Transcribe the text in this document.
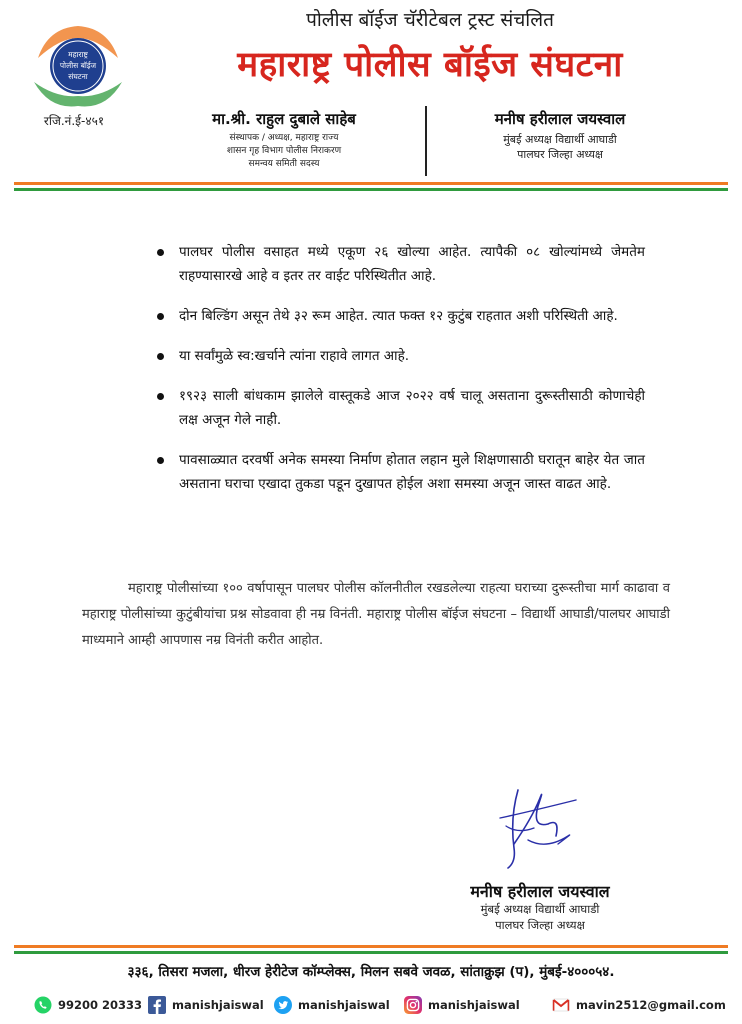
महाराष्ट्र
पोलीस बॉईज
संघटना
रजि.नं.ई-४५१
पोलीस बॉईज चॅरीटेबल ट्रस्ट संचलित
महाराष्ट्र पोलीस बॉईज संघटना
मा.श्री. राहुल दुबाले साहेब
संस्थापक / अध्यक्ष, महाराष्ट्र राज्य
शासन गृह विभाग पोलीस निराकरण
समन्वय समिती सदस्य
मनीष हरीलाल जयस्वाल
मुंबई अध्यक्ष विद्यार्थी आघाडी
पालघर जिल्हा अध्यक्ष
पालघर पोलीस वसाहत मध्ये एकूण २६ खोल्या आहेत. त्यापैकी ०८ खोल्यांमध्ये जेमतेम राहण्यासारखे आहे व इतर तर वाईट परिस्थितीत आहे.
दोन बिल्डिंग असून तेथे ३२ रूम आहेत. त्यात फक्त १२ कुटुंब राहतात अशी परिस्थिती आहे.
या सर्वांमुळे स्व:खर्चाने त्यांना राहावे लागत आहे.
१९२३ साली बांधकाम झालेले वास्तूकडे आज २०२२ वर्ष चालू असताना दुरूस्तीसाठी कोणाचेही लक्ष अजून गेले नाही.
पावसाळ्यात दरवर्षी अनेक समस्या निर्माण होतात लहान मुले शिक्षणासाठी घरातून बाहेर येत जात असताना घराचा एखादा तुकडा पडून दुखापत होईल अशा समस्या अजून जास्त वाढत आहे.
महाराष्ट्र पोलीसांच्या १०० वर्षापासून पालघर पोलीस कॉलनीतील रखडलेल्या राहत्या घराच्या दुरूस्तीचा मार्ग काढावा व महाराष्ट्र पोलीसांच्या कुटुंबीयांचा प्रश्न सोडवावा ही नम्र विनंती. महाराष्ट्र पोलीस बॉईज संघटना – विद्यार्थी आघाडी/पालघर आघाडी माध्यमाने आम्ही आपणास नम्र विनंती करीत आहोत.
मनीष हरीलाल जयस्वाल
मुंबई अध्यक्ष विद्यार्थी आघाडी
पालघर जिल्हा अध्यक्ष
३३६, तिसरा मजला, धीरज हेरीटेज कॉम्प्लेक्स, मिलन सबवे जवळ, सांताक्रुझ (प), मुंबई-४०००५४.
99200 20333	manishjaiswal	manishjaiswal	manishjaiswal	mavin2512@gmail.com
